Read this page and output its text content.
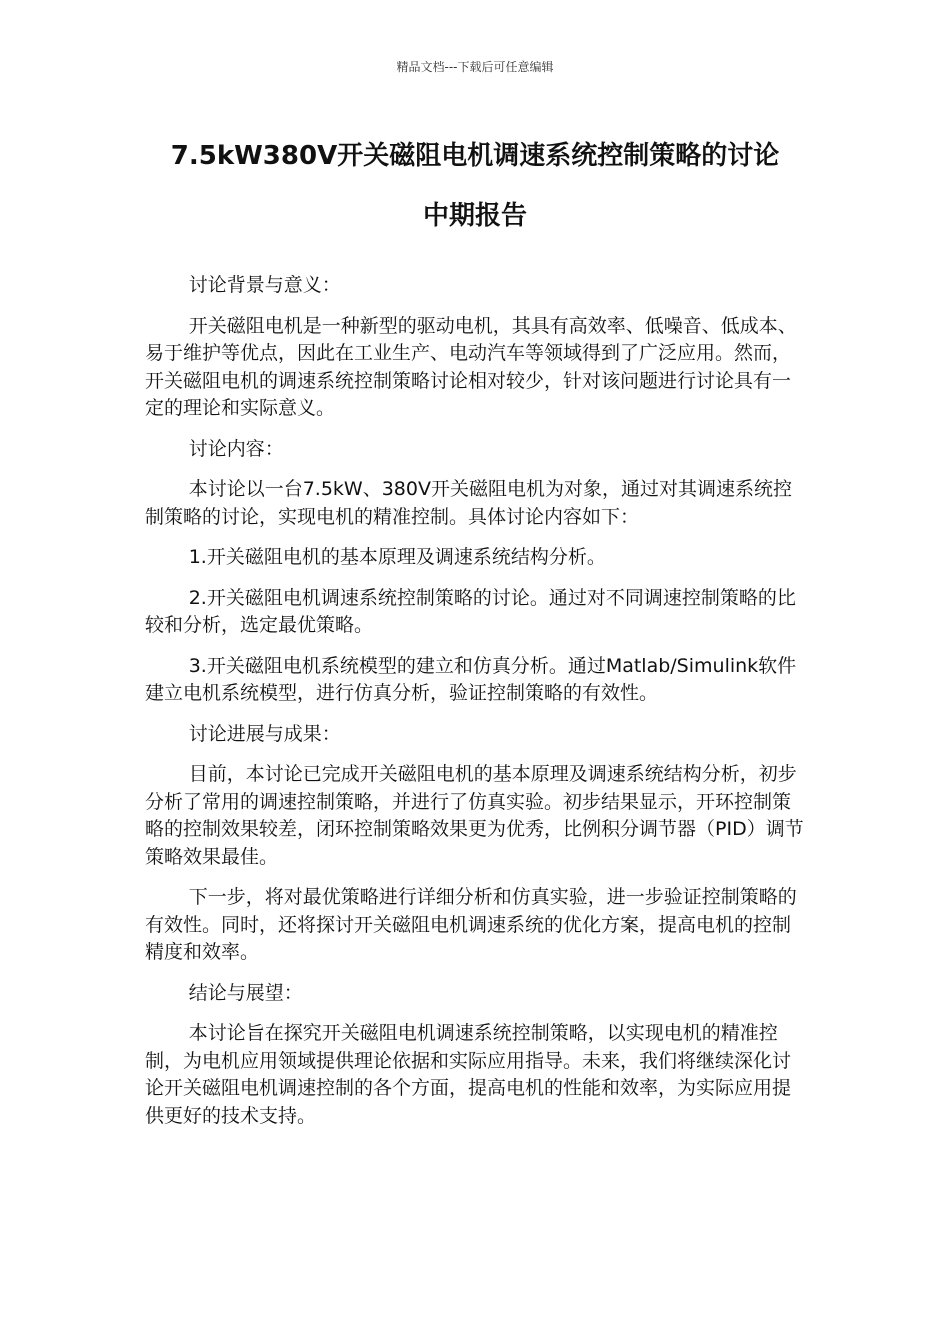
精品文档---下载后可任意编辑
7.5kW380V开关磁阻电机调速系统控制策略的讨论
中期报告

讨论背景与意义：

开关磁阻电机是一种新型的驱动电机，其具有高效率、低噪音、低成本、易于维护等优点，因此在工业生产、电动汽车等领域得到了广泛应用。然而，开关磁阻电机的调速系统控制策略讨论相对较少，针对该问题进行讨论具有一定的理论和实际意义。

讨论内容：

本讨论以一台7.5kW、380V开关磁阻电机为对象，通过对其调速系统控制策略的讨论，实现电机的精准控制。具体讨论内容如下：

1.开关磁阻电机的基本原理及调速系统结构分析。

2.开关磁阻电机调速系统控制策略的讨论。通过对不同调速控制策略的比较和分析，选定最优策略。

3.开关磁阻电机系统模型的建立和仿真分析。通过Matlab/Simulink软件建立电机系统模型，进行仿真分析，验证控制策略的有效性。

讨论进展与成果：

目前，本讨论已完成开关磁阻电机的基本原理及调速系统结构分析，初步分析了常用的调速控制策略，并进行了仿真实验。初步结果显示，开环控制策略的控制效果较差，闭环控制策略效果更为优秀，比例积分调节器（PID）调节策略效果最佳。

下一步，将对最优策略进行详细分析和仿真实验，进一步验证控制策略的有效性。同时，还将探讨开关磁阻电机调速系统的优化方案，提高电机的控制精度和效率。

结论与展望：

本讨论旨在探究开关磁阻电机调速系统控制策略，以实现电机的精准控制，为电机应用领域提供理论依据和实际应用指导。未来，我们将继续深化讨论开关磁阻电机调速控制的各个方面，提高电机的性能和效率，为实际应用提供更好的技术支持。
